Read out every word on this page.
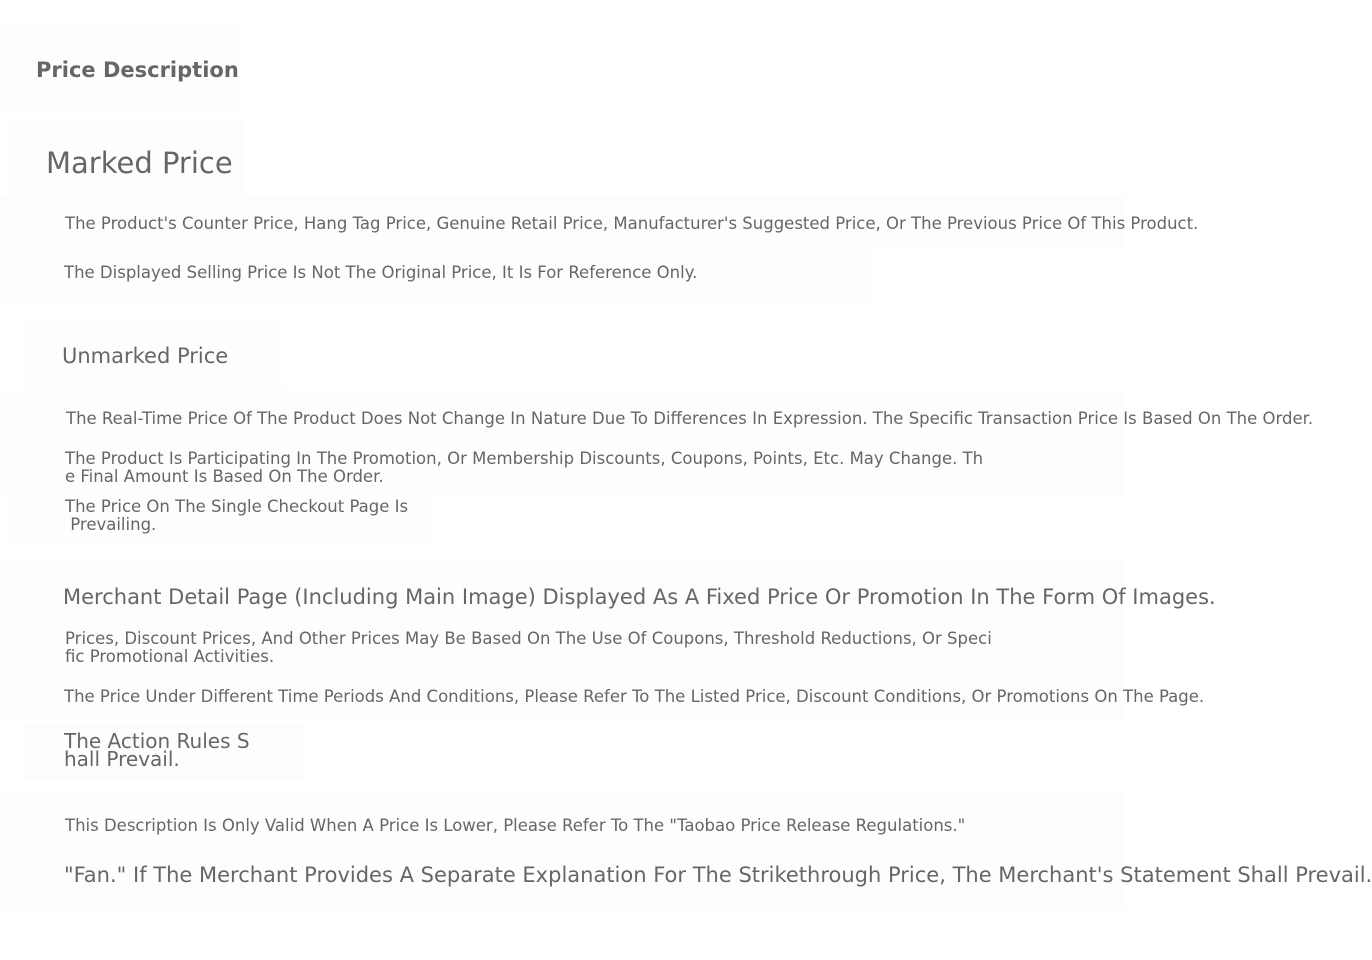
Price Description
Marked Price
The Product's Counter Price, Hang Tag Price, Genuine Retail Price, Manufacturer's Suggested Price, Or The Previous Price Of This Product.
The Displayed Selling Price Is Not The Original Price, It Is For Reference Only.
Unmarked Price
The Real-Time Price Of The Product Does Not Change In Nature Due To Differences In Expression. The Specific Transaction Price Is Based On The Order.
The Product Is Participating In The Promotion, Or Membership Discounts, Coupons, Points, Etc. May Change. Th
e Final Amount Is Based On The Order.
The Price On The Single Checkout Page Is
Prevailing.
Merchant Detail Page (Including Main Image) Displayed As A Fixed Price Or Promotion In The Form Of Images.
Prices, Discount Prices, And Other Prices May Be Based On The Use Of Coupons, Threshold Reductions, Or Speci
fic Promotional Activities.
The Price Under Different Time Periods And Conditions, Please Refer To The Listed Price, Discount Conditions, Or Promotions On The Page.
The Action Rules S
hall Prevail.
This Description Is Only Valid When A Price Is Lower, Please Refer To The "Taobao Price Release Regulations."
"Fan." If The Merchant Provides A Separate Explanation For The Strikethrough Price, The Merchant's Statement Shall Prevail.
